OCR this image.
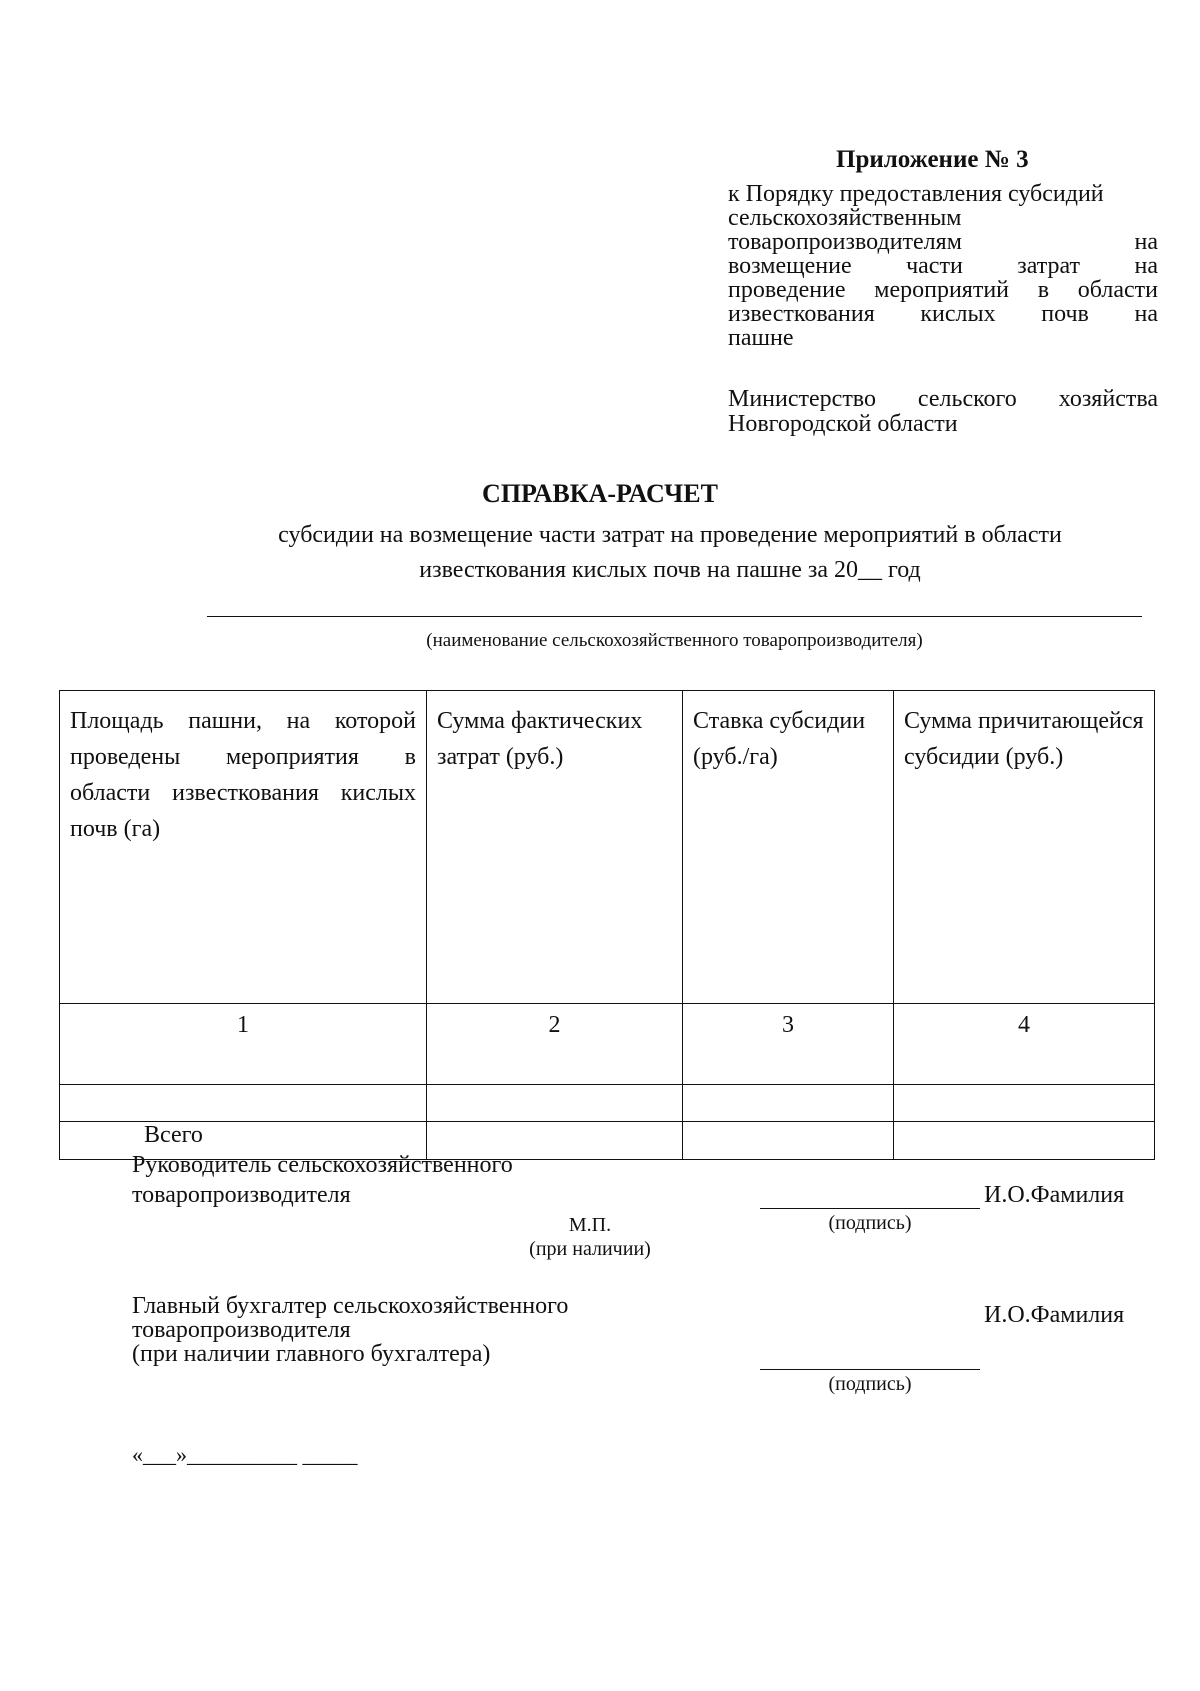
Приложение № 3
к Порядку предоставления субсидий
сельскохозяйственным
товаропроизводителям на
возмещение части затрат на
проведение мероприятий в области
известкования кислых почв на
пашне
Министерство сельского хозяйства Новгородской области
СПРАВКА-РАСЧЕТ
субсидии на возмещение части затрат на проведение мероприятий в области
известкования кислых почв на пашне за 20__ год
(наименование сельскохозяйственного товаропроизводителя)
Площадь пашни, на которой проведены мероприятия в области известкования кислых почв (га)	Сумма фактических затрат (руб.)	Ставка субсидии (руб./га)	Сумма причитающейся субсидии (руб.)
1	2	3	4

Всего			
Руководитель сельскохозяйственного
товаропроизводителя	И.О.Фамилия
(подпись)
М.П.
(при наличии)
Главный бухгалтер сельскохозяйственного
товаропроизводителя
(при наличии главного бухгалтера)
И.О.Фамилия
(подпись)
«___»__________ _____
